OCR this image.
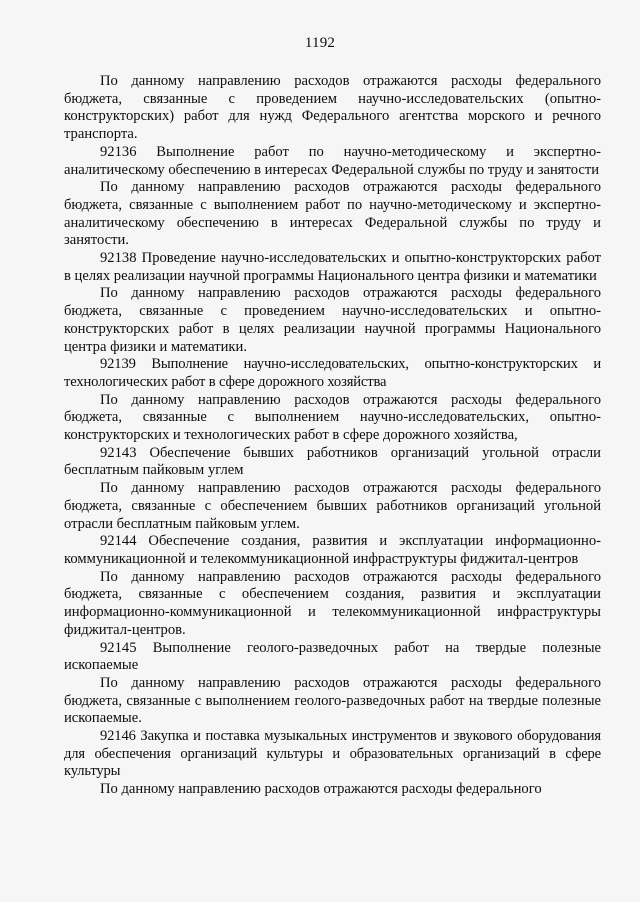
1192

По данному направлению расходов отражаются расходы федерального бюджета, связанные с проведением научно-исследовательских (опытно-конструкторских) работ для нужд Федерального агентства морского и речного транспорта.

92136 Выполнение работ по научно-методическому и экспертно-аналитическому обеспечению в интересах Федеральной службы по труду и занятости

По данному направлению расходов отражаются расходы федерального бюджета, связанные с выполнением работ по научно-методическому и экспертно-аналитическому обеспечению в интересах Федеральной службы по труду и занятости.

92138 Проведение научно-исследовательских и опытно-конструкторских работ в целях реализации научной программы Национального центра физики и математики

По данному направлению расходов отражаются расходы федерального бюджета, связанные с проведением научно-исследовательских и опытно-конструкторских работ в целях реализации научной программы Национального центра физики и математики.

92139 Выполнение научно-исследовательских, опытно-конструкторских и технологических работ в сфере дорожного хозяйства

По данному направлению расходов отражаются расходы федерального бюджета, связанные с выполнением научно-исследовательских, опытно-конструкторских и технологических работ в сфере дорожного хозяйства,

92143 Обеспечение бывших работников организаций угольной отрасли бесплатным пайковым углем

По данному направлению расходов отражаются расходы федерального бюджета, связанные с обеспечением бывших работников организаций угольной отрасли бесплатным пайковым углем.

92144 Обеспечение создания, развития и эксплуатации информационно-коммуникационной и телекоммуникационной инфраструктуры фиджитал-центров

По данному направлению расходов отражаются расходы федерального бюджета, связанные с обеспечением создания, развития и эксплуатации информационно-коммуникационной и телекоммуникационной инфраструктуры фиджитал-центров.

92145 Выполнение геолого-разведочных работ на твердые полезные ископаемые

По данному направлению расходов отражаются расходы федерального бюджета, связанные с выполнением геолого-разведочных работ на твердые полезные ископаемые.

92146 Закупка и поставка музыкальных инструментов и звукового оборудования для обеспечения организаций культуры и образовательных организаций в сфере культуры

По данному направлению расходов отражаются расходы федерального
